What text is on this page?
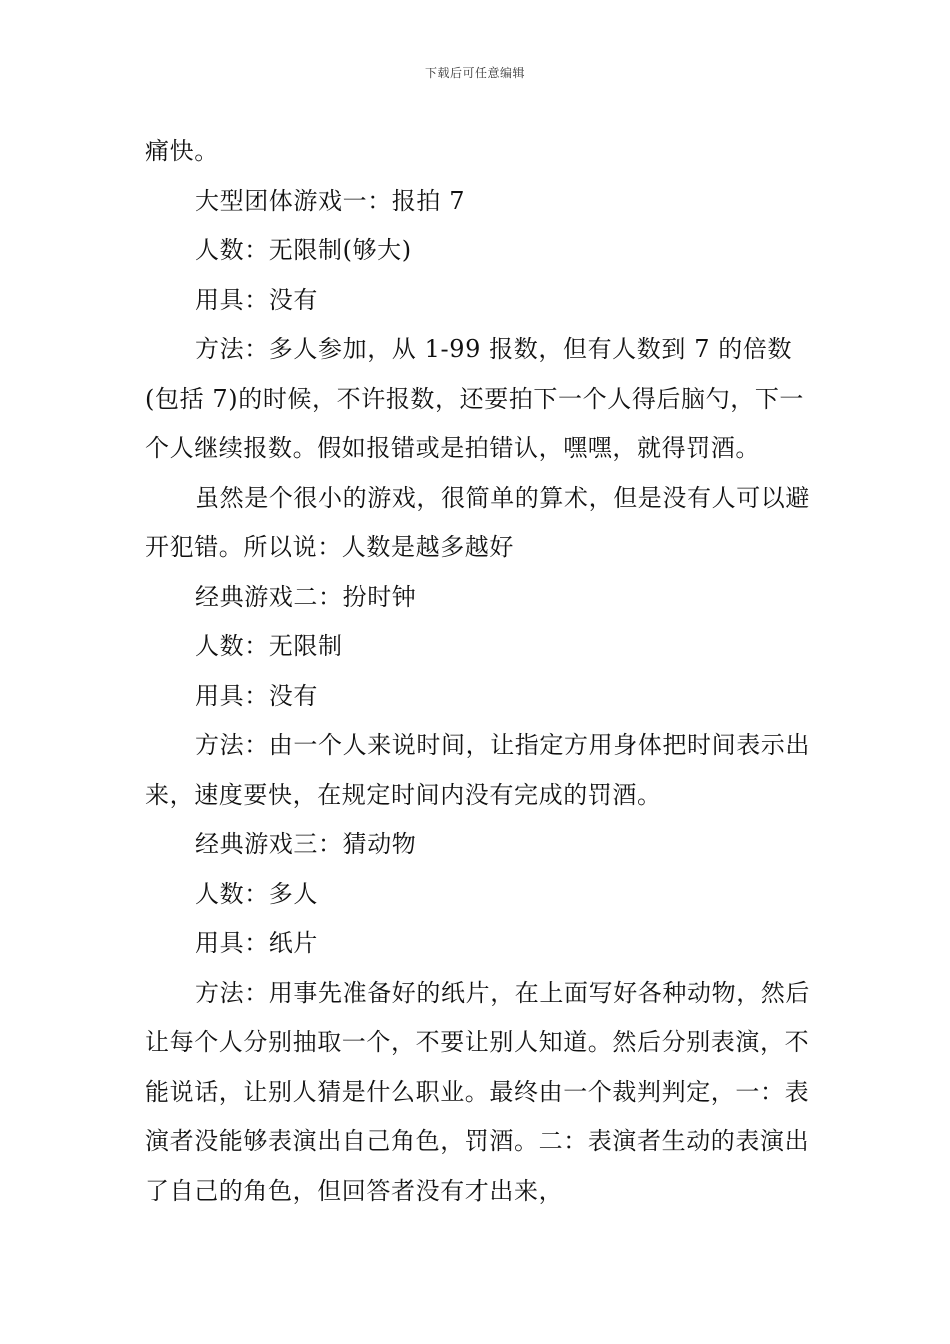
下载后可任意编辑

痛快。

大型团体游戏一：报拍 7

人数：无限制(够大)

用具：没有

方法：多人参加，从 1-99 报数，但有人数到 7 的倍数(包括 7)的时候，不许报数，还要拍下一个人得后脑勺，下一个人继续报数。假如报错或是拍错认，嘿嘿，就得罚酒。

虽然是个很小的游戏，很简单的算术，但是没有人可以避开犯错。所以说：人数是越多越好

经典游戏二：扮时钟

人数：无限制

用具：没有

方法：由一个人来说时间，让指定方用身体把时间表示出来，速度要快，在规定时间内没有完成的罚酒。

经典游戏三：猜动物

人数：多人

用具：纸片

方法：用事先准备好的纸片，在上面写好各种动物，然后让每个人分别抽取一个，不要让别人知道。然后分别表演，不能说话，让别人猜是什么职业。最终由一个裁判判定，一：表演者没能够表演出自己角色，罚酒。二：表演者生动的表演出了自己的角色，但回答者没有才出来，
